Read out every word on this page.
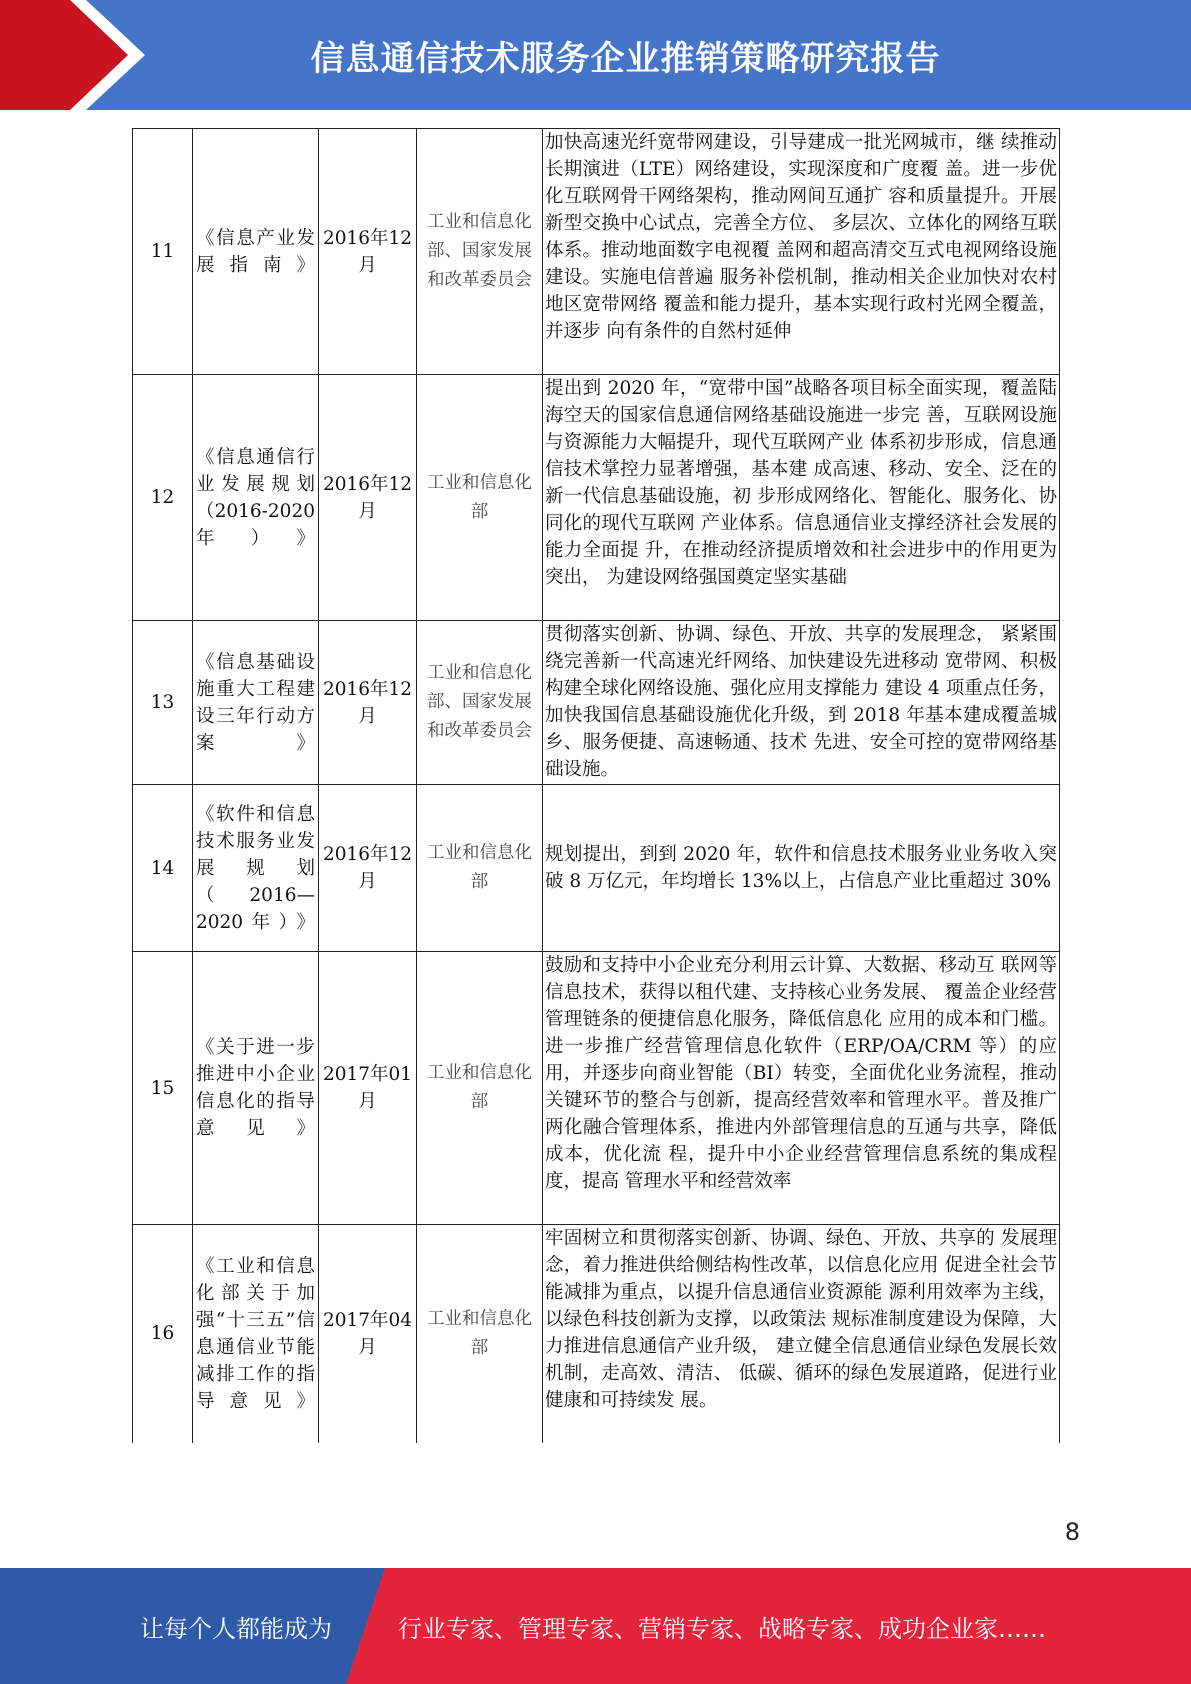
信息通信技术服务企业推销策略研究报告
11	《信息产业发展指南》	2016年12月	工业和信息化部、国家发展和改革委员会	加快高速光纤宽带网建设，引导建成一批光网城市，继 续推动长期演进（LTE）网络建设，实现深度和广度覆 盖。进一步优化互联网骨干网络架构，推动网间互通扩 容和质量提升。开展新型交换中心试点，完善全方位、 多层次、立体化的网络互联体系。推动地面数字电视覆 盖网和超高清交互式电视网络设施建设。实施电信普遍 服务补偿机制，推动相关企业加快对农村地区宽带网络 覆盖和能力提升，基本实现行政村光网全覆盖，并逐步 向有条件的自然村延伸
12	《信息通信行业发展规划（2016-2020年）》	2016年12月	工业和信息化部	提出到 2020 年，“宽带中国”战略各项目标全面实现，覆盖陆海空天的国家信息通信网络基础设施进一步完 善，互联网设施与资源能力大幅提升，现代互联网产业 体系初步形成，信息通信技术掌控力显著增强，基本建 成高速、移动、安全、泛在的新一代信息基础设施，初 步形成网络化、智能化、服务化、协同化的现代互联网 产业体系。信息通信业支撑经济社会发展的能力全面提 升，在推动经济提质增效和社会进步中的作用更为突出， 为建设网络强国奠定坚实基础
13	《信息基础设施重大工程建设三年行动方案》	2016年12月	工业和信息化部、国家发展和改革委员会	贯彻落实创新、协调、绿色、开放、共享的发展理念， 紧紧围绕完善新一代高速光纤网络、加快建设先进移动 宽带网、积极构建全球化网络设施、强化应用支撑能力 建设 4 项重点任务，加快我国信息基础设施优化升级，到 2018 年基本建成覆盖城乡、服务便捷、高速畅通、技术 先进、安全可控的宽带网络基础设施。
14	《软件和信息技术服务业发展规划（2016—2020年）》	2016年12月	工业和信息化部	规划提出，到到 2020 年，软件和信息技术服务业业务收入突破 8 万亿元，年均增长 13%以上，占信息产业比重超过 30%
15	《关于进一步推进中小企业信息化的指导意见》	2017年01月	工业和信息化部	鼓励和支持中小企业充分利用云计算、大数据、移动互 联网等信息技术，获得以租代建、支持核心业务发展、 覆盖企业经营管理链条的便捷信息化服务，降低信息化 应用的成本和门槛。进一步推广经营管理信息化软件（ERP/OA/CRM 等）的应用，并逐步向商业智能（BI）转变，全面优化业务流程，推动关键环节的整合与创新，提高经营效率和管理水平。普及推广两化融合管理体系，推进内外部管理信息的互通与共享，降低成本，优化流 程，提升中小企业经营管理信息系统的集成程度，提高 管理水平和经营效率
16	《工业和信息化部关于加强“十三五”信息通信业节能减排工作的指导意见》	2017年04月	工业和信息化部	牢固树立和贯彻落实创新、协调、绿色、开放、共享的 发展理念，着力推进供给侧结构性改革，以信息化应用 促进全社会节能减排为重点，以提升信息通信业资源能 源利用效率为主线，以绿色科技创新为支撑，以政策法 规标准制度建设为保障，大力推进信息通信产业升级， 建立健全信息通信业绿色发展长效机制，走高效、清洁、 低碳、循环的绿色发展道路，促进行业健康和可持续发 展。
8
让每个人都能成为	行业专家、管理专家、营销专家、战略专家、成功企业家……
